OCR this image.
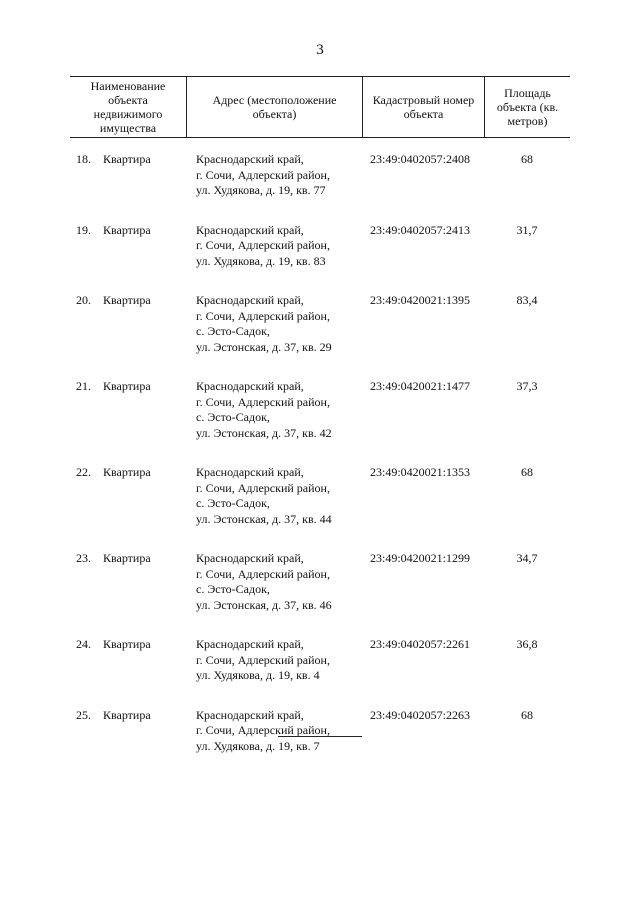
3
Наименование объекта недвижимого имущества
Адрес (местоположение объекта)
Кадастровый номер объекта
Площадь объекта (кв. метров)
18. Квартира	Краснодарский край,
г. Сочи, Адлерский район,
ул. Худякова, д. 19, кв. 77
23:49:0402057:2408	68
19. Квартира	Краснодарский край,
г. Сочи, Адлерский район,
ул. Худякова, д. 19, кв. 83
23:49:0402057:2413	31,7
20. Квартира	Краснодарский край,
г. Сочи, Адлерский район,
с. Эсто-Садок,
ул. Эстонская, д. 37, кв. 29
23:49:0420021:1395	83,4
21. Квартира	Краснодарский край,
г. Сочи, Адлерский район,
с. Эсто-Садок,
ул. Эстонская, д. 37, кв. 42
23:49:0420021:1477	37,3
22. Квартира	Краснодарский край,
г. Сочи, Адлерский район,
с. Эсто-Садок,
ул. Эстонская, д. 37, кв. 44
23:49:0420021:1353	68
23. Квартира	Краснодарский край,
г. Сочи, Адлерский район,
с. Эсто-Садок,
ул. Эстонская, д. 37, кв. 46
23:49:0420021:1299	34,7
24. Квартира	Краснодарский край,
г. Сочи, Адлерский район,
ул. Худякова, д. 19, кв. 4
23:49:0402057:2261	36,8
25. Квартира	Краснодарский край,
г. Сочи, Адлерский район,
ул. Худякова, д. 19, кв. 7
23:49:0402057:2263	68
